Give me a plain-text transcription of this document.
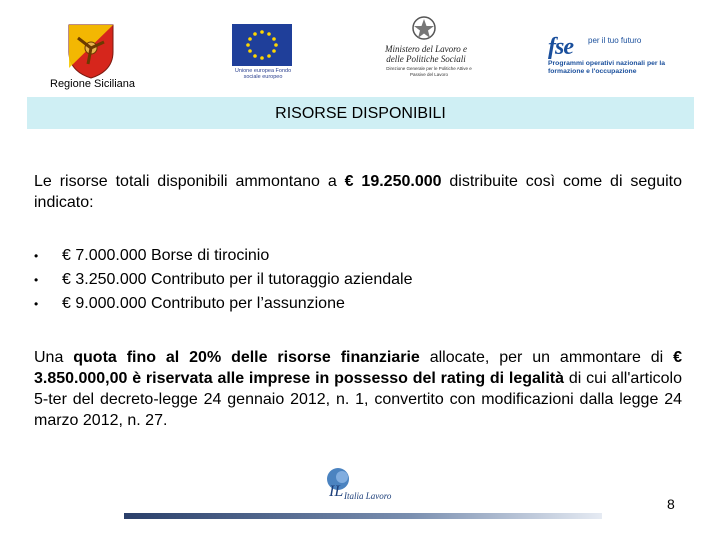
Regione Siciliana
Unione europea Fondo sociale europeo
Ministero del Lavoro e delle Politiche Sociali
Direzione Generale per le Politiche Attive e Passive del Lavoro
fse per il tuo futuro
Programmi operativi nazionali per la formazione e l'occupazione
RISORSE DISPONIBILI
Le risorse totali disponibili ammontano a € 19.250.000 distribuite così come di seguito indicato:
• € 7.000.000 Borse di tirocinio
• € 3.250.000 Contributo per il tutoraggio aziendale
• € 9.000.000 Contributo per l’assunzione
Una quota fino al 20% delle risorse finanziarie allocate, per un ammontare di € 3.850.000,00 è riservata alle imprese in possesso del rating di legalità di cui all'articolo 5-ter del decreto-legge 24 gennaio 2012, n. 1, convertito con modificazioni dalla legge 24 marzo 2012, n. 27.
IL Italia Lavoro	8
